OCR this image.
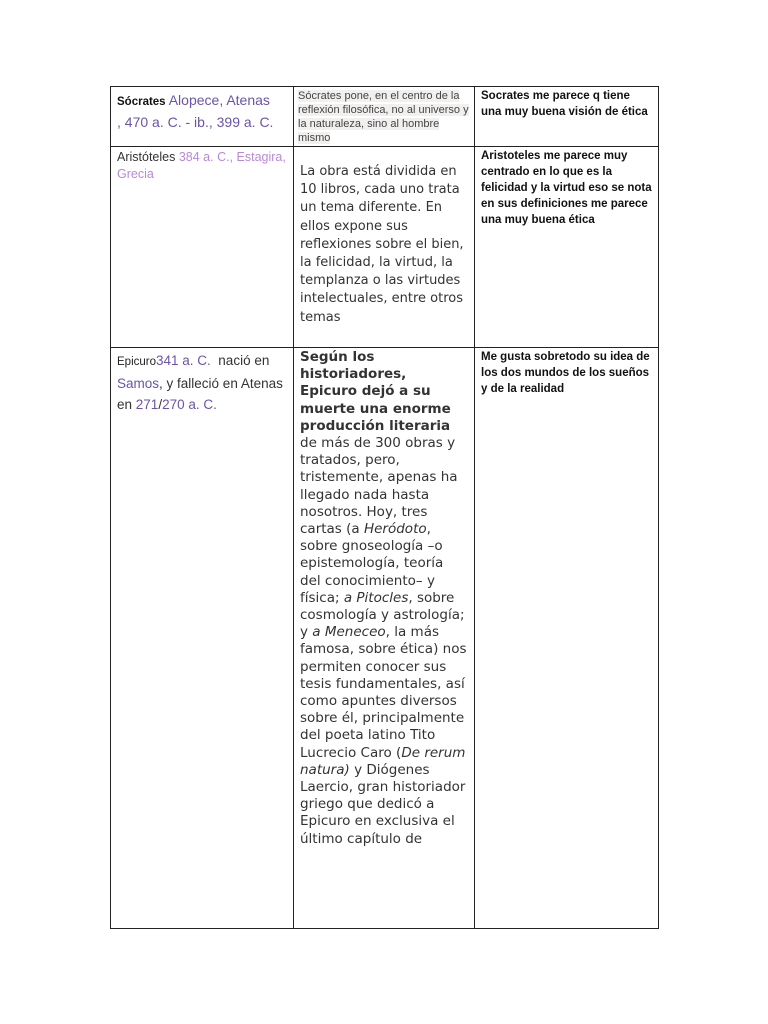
Sócrates Alopece, Atenas
, 470 a. C. - ib., 399 a. C.	Sócrates pone, en el centro de la reflexión filosófica, no al universo y la naturaleza, sino al hombre mismo	Socrates me parece q tiene una muy buena visión de ética

Aristóteles 384 a. C., Estagira, Grecia	La obra está dividida en 10 libros, cada uno trata un tema diferente. En ellos expone sus reflexiones sobre el bien, la felicidad, la virtud, la templanza o las virtudes intelectuales, entre otros temas	Aristoteles me parece muy centrado en lo que es la felicidad y la virtud eso se nota en sus definiciones me parece una muy buena ética

Epicuro341 a. C.  nació en Samos, y falleció en Atenas en 271/270 a. C.	Según los historiadores, Epicuro dejó a su muerte una enorme producción literaria de más de 300 obras y tratados, pero, tristemente, apenas ha llegado nada hasta nosotros. Hoy, tres cartas (a Heródoto, sobre gnoseología –o epistemología, teoría del conocimiento– y física; a Pitocles, sobre cosmología y astrología; y a Meneceo, la más famosa, sobre ética) nos permiten conocer sus tesis fundamentales, así como apuntes diversos sobre él, principalmente del poeta latino Tito Lucrecio Caro (De rerum natura) y Diógenes Laercio, gran historiador griego que dedicó a Epicuro en exclusiva el último capítulo de	Me gusta sobretodo su idea de los dos mundos de los sueños y de la realidad
